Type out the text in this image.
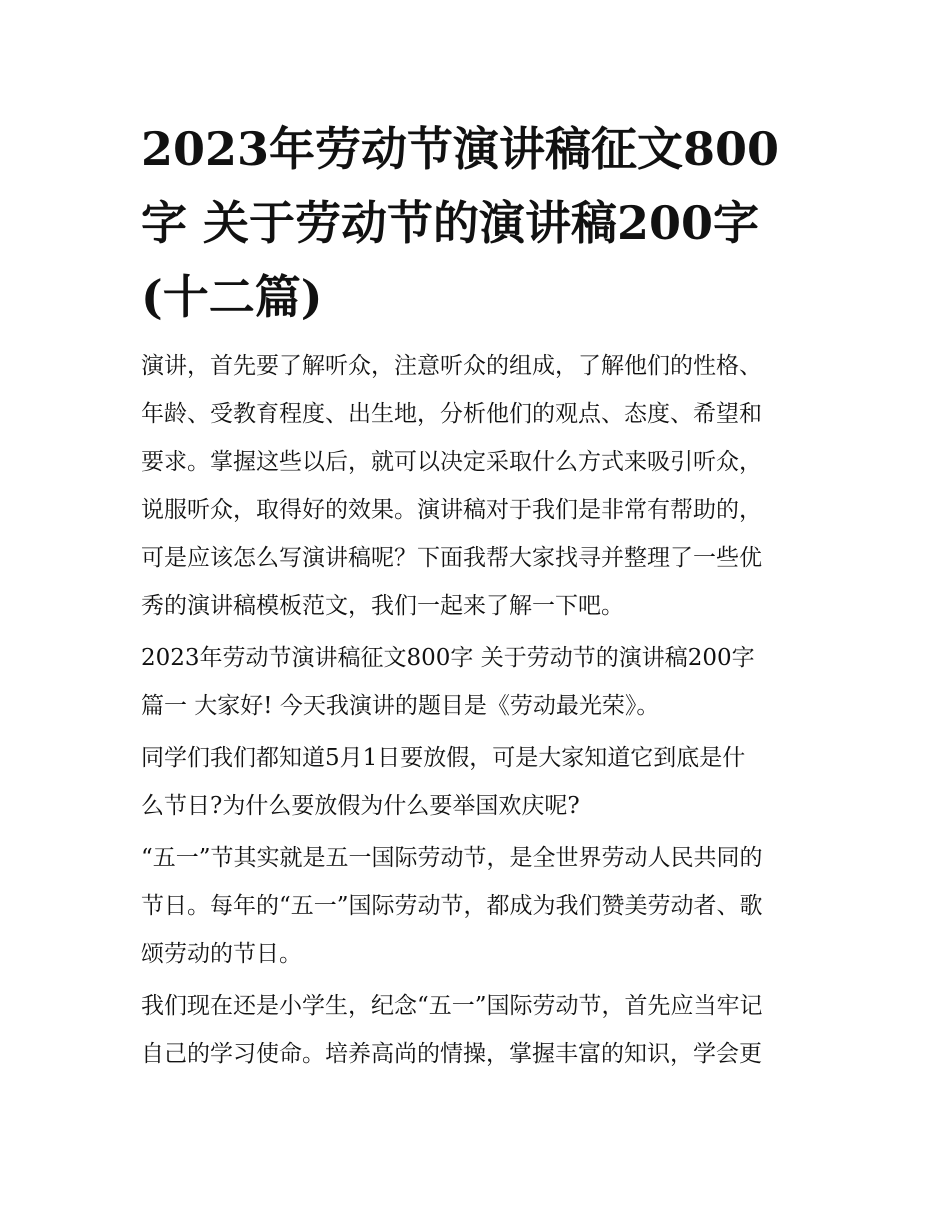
2023年劳动节演讲稿征文800
字 关于劳动节的演讲稿200字
(十二篇)

演讲，首先要了解听众，注意听众的组成，了解他们的性格、
年龄、受教育程度、出生地，分析他们的观点、态度、希望和
要求。掌握这些以后，就可以决定采取什么方式来吸引听众，
说服听众，取得好的效果。演讲稿对于我们是非常有帮助的，
可是应该怎么写演讲稿呢？下面我帮大家找寻并整理了一些优
秀的演讲稿模板范文，我们一起来了解一下吧。

2023年劳动节演讲稿征文800字 关于劳动节的演讲稿200字
篇一 大家好! 今天我演讲的题目是《劳动最光荣》。

同学们我们都知道5月1日要放假，可是大家知道它到底是什
么节日?为什么要放假为什么要举国欢庆呢?

“五一”节其实就是五一国际劳动节，是全世界劳动人民共同的
节日。每年的“五一”国际劳动节，都成为我们赞美劳动者、歌
颂劳动的节日。

我们现在还是小学生，纪念“五一”国际劳动节，首先应当牢记
自己的学习使命。培养高尚的情操，掌握丰富的知识，学会更
